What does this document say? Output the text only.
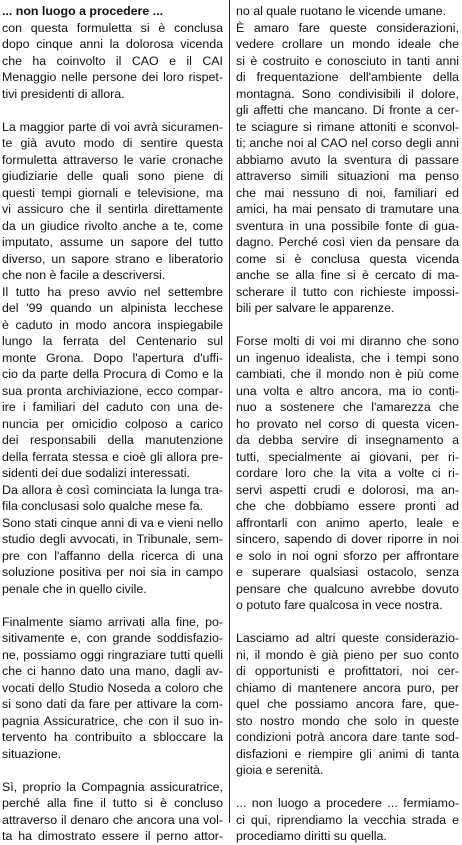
... non luogo a procedere ...
con questa formuletta si è conclusa
dopo cinque anni la dolorosa vicenda
che ha coinvolto il CAO e il CAI
Menaggio nelle persone dei loro rispet-
tivi presidenti di allora.
La maggior parte di voi avrà sicuramen-
te già avuto modo di sentire questa
formuletta attraverso le varie cronache
giudiziarie delle quali sono piene di
questi tempi giornali e televisione, ma
vi assicuro che il sentirla direttamente
da un giudice rivolto anche a te, come
imputato, assume un sapore del tutto
diverso, un sapore strano e liberatorio
che non è facile a descriversi.
Il tutto ha preso avvio nel settembre
del '99 quando un alpinista lecchese
è caduto in modo ancora inspiegabile
lungo la ferrata del Centenario sul
monte Grona. Dopo l'apertura d'uffi-
cio da parte della Procura di Como e la
sua pronta archiviazione, ecco compar-
ire i familiari del caduto con una de-
nuncia per omicidio colposo a carico
dei responsabili della manutenzione
della ferrata stessa e cioè gli allora pre-
sidenti dei due sodalizi interessati.
Da allora è così cominciata la lunga tra-
fila conclusasi solo qualche mese fa.
Sono stati cinque anni di va e vieni nello
studio degli avvocati, in Tribunale, sem-
pre con l'affanno della ricerca di una
soluzione positiva per noi sia in campo
penale che in quello civile.
Finalmente siamo arrivati alla fine, po-
sitivamente e, con grande soddisfazio-
ne, possiamo oggi ringraziare tutti quelli
che ci hanno dato una mano, dagli av-
vocati dello Studio Noseda a coloro che
si sono dati da fare per attivare la com-
pagnia Assicuratrice, che con il suo in-
tervento ha contribuito a sbloccare la
situazione.
Sì, proprio la Compagnia assicuratrice,
perché alla fine il tutto si è concluso
attraverso il denaro che ancora una vol-
ta ha dimostrato essere il perno attor-
no al quale ruotano le vicende umane.
È amaro fare queste considerazioni,
vedere crollare un mondo ideale che
si è costruito e conosciuto in tanti anni
di frequentazione dell'ambiente della
montagna. Sono condivisibili il dolore,
gli affetti che mancano. Di fronte a cer-
te sciagure si rimane attoniti e sconvol-
ti; anche noi al CAO nel corso degli anni
abbiamo avuto la sventura di passare
attraverso simili situazioni ma penso
che mai nessuno di noi, familiari ed
amici, ha mai pensato di tramutare una
sventura in una possibile fonte di gua-
dagno. Perché così vien da pensare da
come si è conclusa questa vicenda
anche se alla fine si è cercato di ma-
scherare il tutto con richieste impossi-
bili per salvare le apparenze.
Forse molti di voi mi diranno che sono
un ingenuo idealista, che i tempi sono
cambiati, che il mondo non è più come
una volta e altro ancora, ma io conti-
nuo a sostenere che l'amarezza che
ho provato nel corso di questa vicen-
da debba servire di insegnamento a
tutti, specialmente ai giovani, per ri-
cordare loro che la vita a volte ci ri-
servi aspetti crudi e dolorosi, ma an-
che che dobbiamo essere pronti ad
affrontarli con animo aperto, leale e
sincero, sapendo di dover riporre in noi
e solo in noi ogni sforzo per affrontare
e superare qualsiasi ostacolo, senza
pensare che qualcuno avrebbe dovuto
o potuto fare qualcosa in vece nostra.
Lasciamo ad altri queste considerazio-
ni, il mondo è già pieno per suo conto
di opportunisti e profittatori, noi cer-
chiamo di mantenere ancora puro, per
quel che possiamo ancora fare, que-
sto nostro mondo che solo in queste
condizioni potrà ancora dare tante sod-
disfazioni e riempire gli animi di tanta
gioia e serenità.
... non luogo a procedere ... fermiamo-
ci qui, riprendiamo la vecchia strada e
procediamo diritti su quella.
